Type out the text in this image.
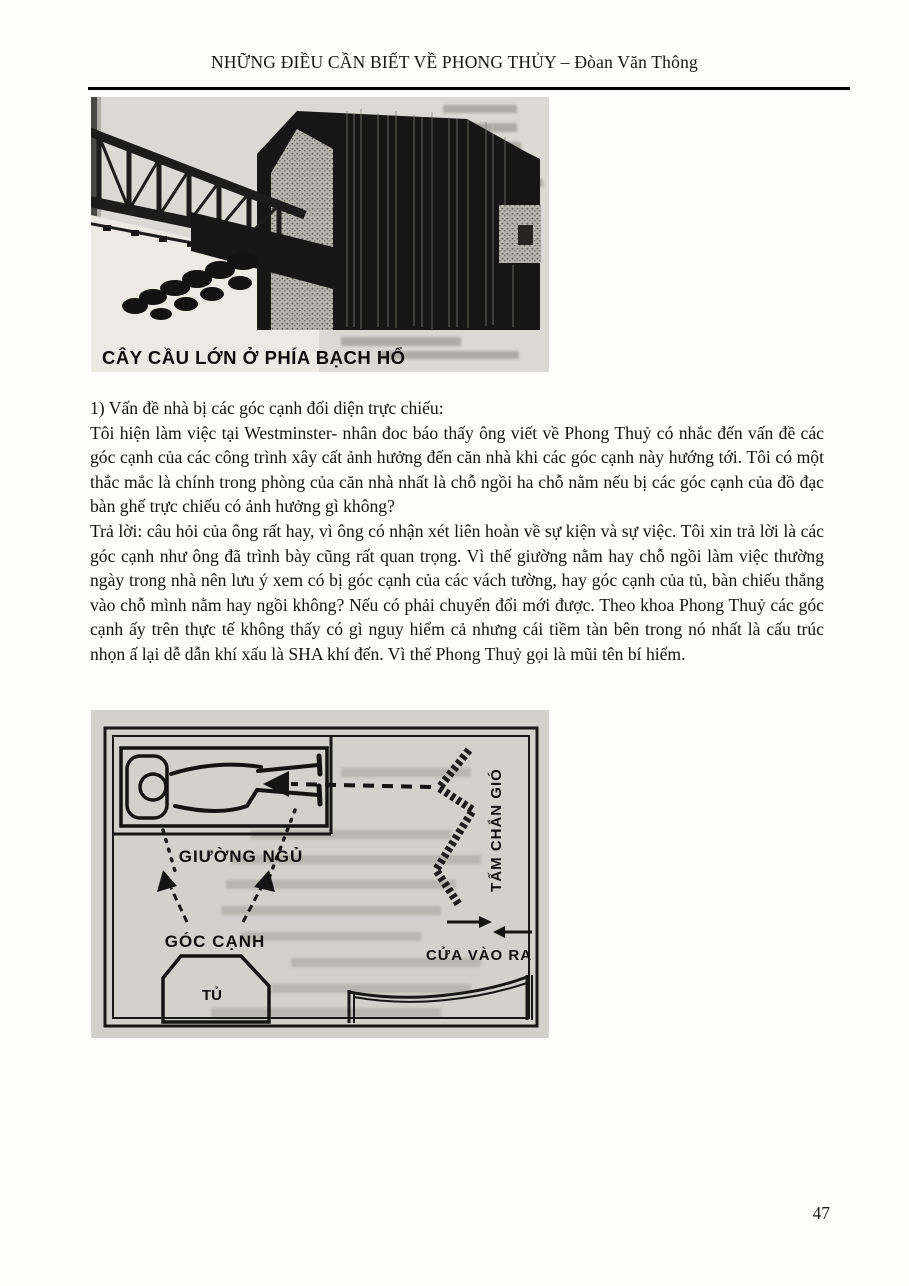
NHỮNG ĐIỀU CẦN BIẾT VỀ PHONG THỦY – Đòan Văn Thông
CÂY CẦU LỚN Ở PHÍA BẠCH HỔ

1) Vấn đề nhà bị các góc cạnh đối diện trực chiếu:

Tôi hiện làm việc tại Westminster- nhân đoc báo thấy ông viết về Phong Thuỷ có nhắc đến vấn đề các góc cạnh của các công trình xây cất ảnh hưởng đến căn nhà khi các góc cạnh này hướng tới. Tôi có một thắc mắc là chính trong phòng của căn nhà nhất là chỗ ngồi ha chỗ nằm nếu bị các góc cạnh của đồ đạc bàn ghế trực chiếu có ảnh hưởng gì không?

Trả lời: câu hỏi của ông rất hay, vì ông có nhận xét liên hoàn về sự kiện và sự việc. Tôi xin trả lời là các góc cạnh như ông đã trình bày cũng rất quan trọng. Vì thế giường nằm hay chỗ ngồi làm việc thường ngày trong nhà nên lưu ý xem có bị góc cạnh của các vách tường, hay góc cạnh của tủ, bàn chiếu thẳng vào chỗ mình nằm hay ngồi không? Nếu có phải chuyển đổi mới được. Theo khoa Phong Thuỷ các góc cạnh ấy trên thực tế không thấy có gì nguy hiểm cả nhưng cái tiềm tàn bên trong nó nhất là cấu trúc nhọn ấ lại dễ dẫn khí xấu là SHA khí đến. Vì thế Phong Thuỷ gọi là mũi tên bí hiểm.

GIƯỜNG NGỦ
GÓC CẠNH
TỦ
TẤM CHẮN GIÓ
CỬA VÀO RA
47
